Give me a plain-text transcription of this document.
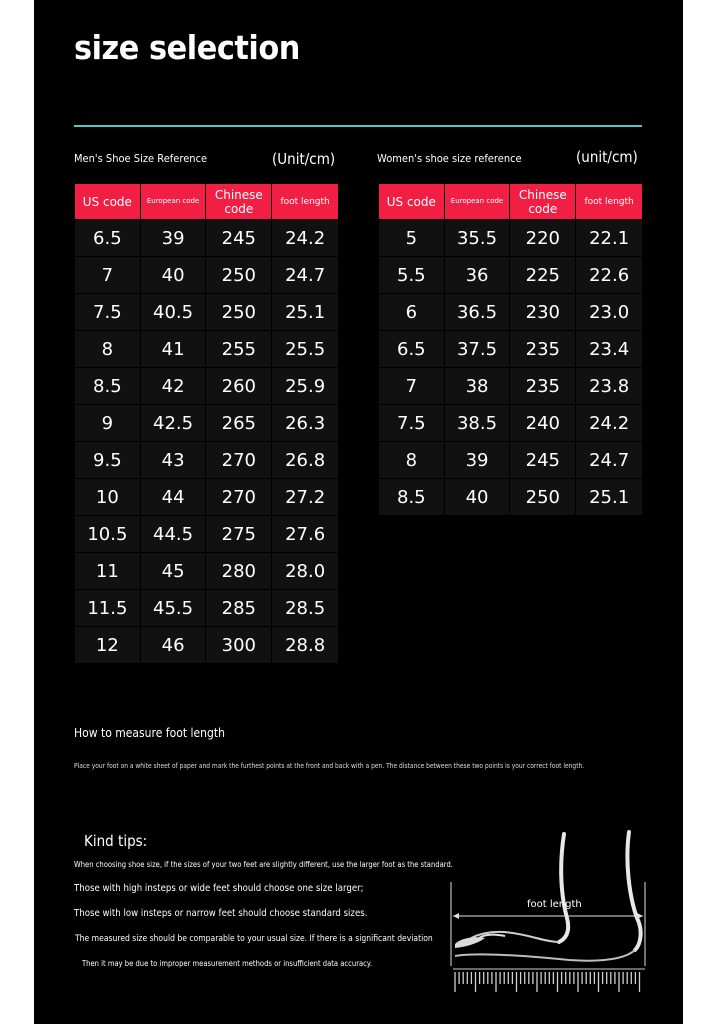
size selection
Men's Shoe Size Reference	(Unit/cm)
US code	European code	Chinese code	foot length
6.5	39	245	24.2
7	40	250	24.7
7.5	40.5	250	25.1
8	41	255	25.5
8.5	42	260	25.9
9	42.5	265	26.3
9.5	43	270	26.8
10	44	270	27.2
10.5	44.5	275	27.6
11	45	280	28.0
11.5	45.5	285	28.5
12	46	300	28.8
Women's shoe size reference	(unit/cm)
US code	European code	Chinese code	foot length
5	35.5	220	22.1
5.5	36	225	22.6
6	36.5	230	23.0
6.5	37.5	235	23.4
7	38	235	23.8
7.5	38.5	240	24.2
8	39	245	24.7
8.5	40	250	25.1
How to measure foot length
Place your foot on a white sheet of paper and mark the furthest points at the front and back with a pen. The distance between these two points is your correct foot length.
Kind tips:
When choosing shoe size, if the sizes of your two feet are slightly different, use the larger foot as the standard.
Those with high insteps or wide feet should choose one size larger;
Those with low insteps or narrow feet should choose standard sizes.
The measured size should be comparable to your usual size. If there is a significant deviation
Then it may be due to improper measurement methods or insufficient data accuracy.
foot length
